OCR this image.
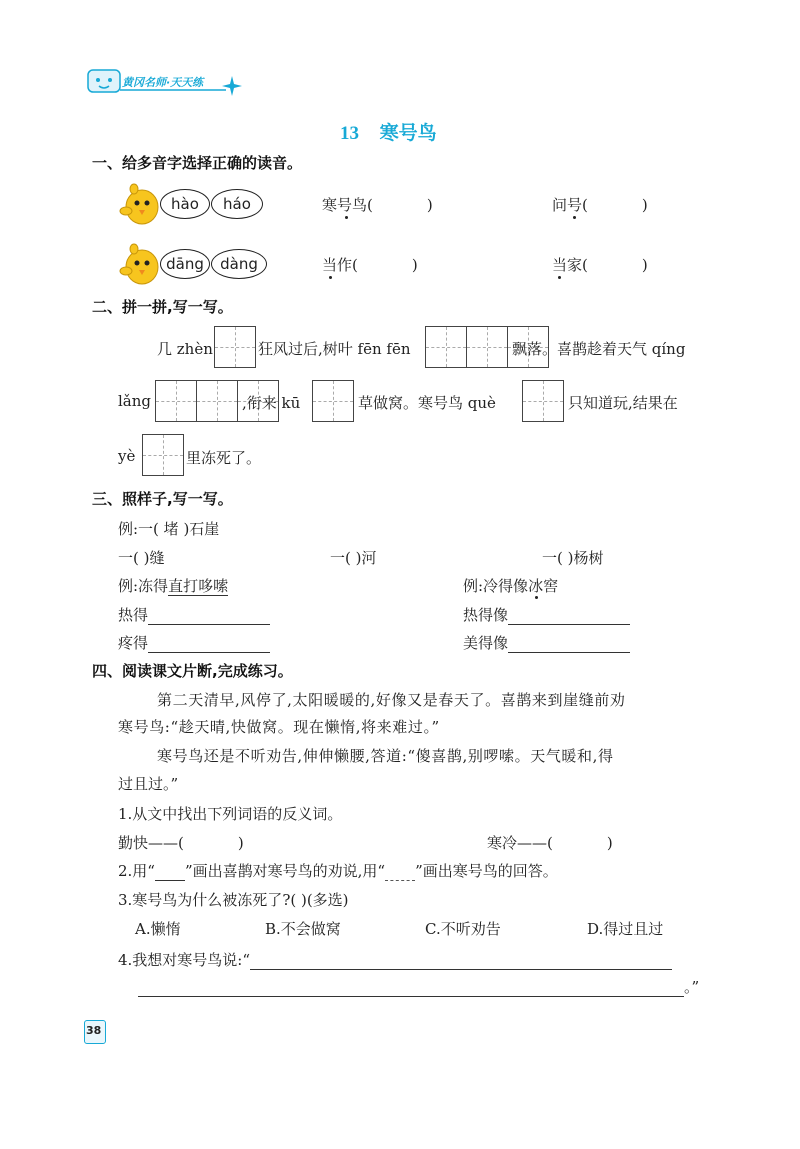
黄冈名师·天天练
13 寒号鸟
一、给多音字选择正确的读音。
hào háo	寒号鸟(	)	问号(	)
dāng dàng	当作(	)	当家(	)
二、拼一拼,写一写。
几 zhèn	狂风过后,树叶 fēn fēn	飘落。喜鹊趁着天气 qíng
lǎng	,衔来 kū	草做窝。寒号鸟 què	只知道玩,结果在
yè	里冻死了。
三、照样子,写一写。
例:一( 堵 )石崖
一( )缝	一( )河	一( )杨树
例:冻得直打哆嗦	例:冷得像冰窖
热得	热得像
疼得	美得像
四、阅读课文片断,完成练习。
第二天清早,风停了,太阳暖暖的,好像又是春天了。喜鹊来到崖缝前劝
寒号鸟:“趁天晴,快做窝。现在懒惰,将来难过。”
寒号鸟还是不听劝告,伸伸懒腰,答道:“傻喜鹊,别啰嗦。天气暖和,得
过且过。”
1.从文中找出下列词语的反义词。
勤快——(	)	寒冷——(	)
2.用“ ”画出喜鹊对寒号鸟的劝说,用“ ”画出寒号鸟的回答。
3.寒号鸟为什么被冻死了?( )(多选)
A.懒惰	B.不会做窝	C.不听劝告	D.得过且过
4.我想对寒号鸟说:“
。”
38
